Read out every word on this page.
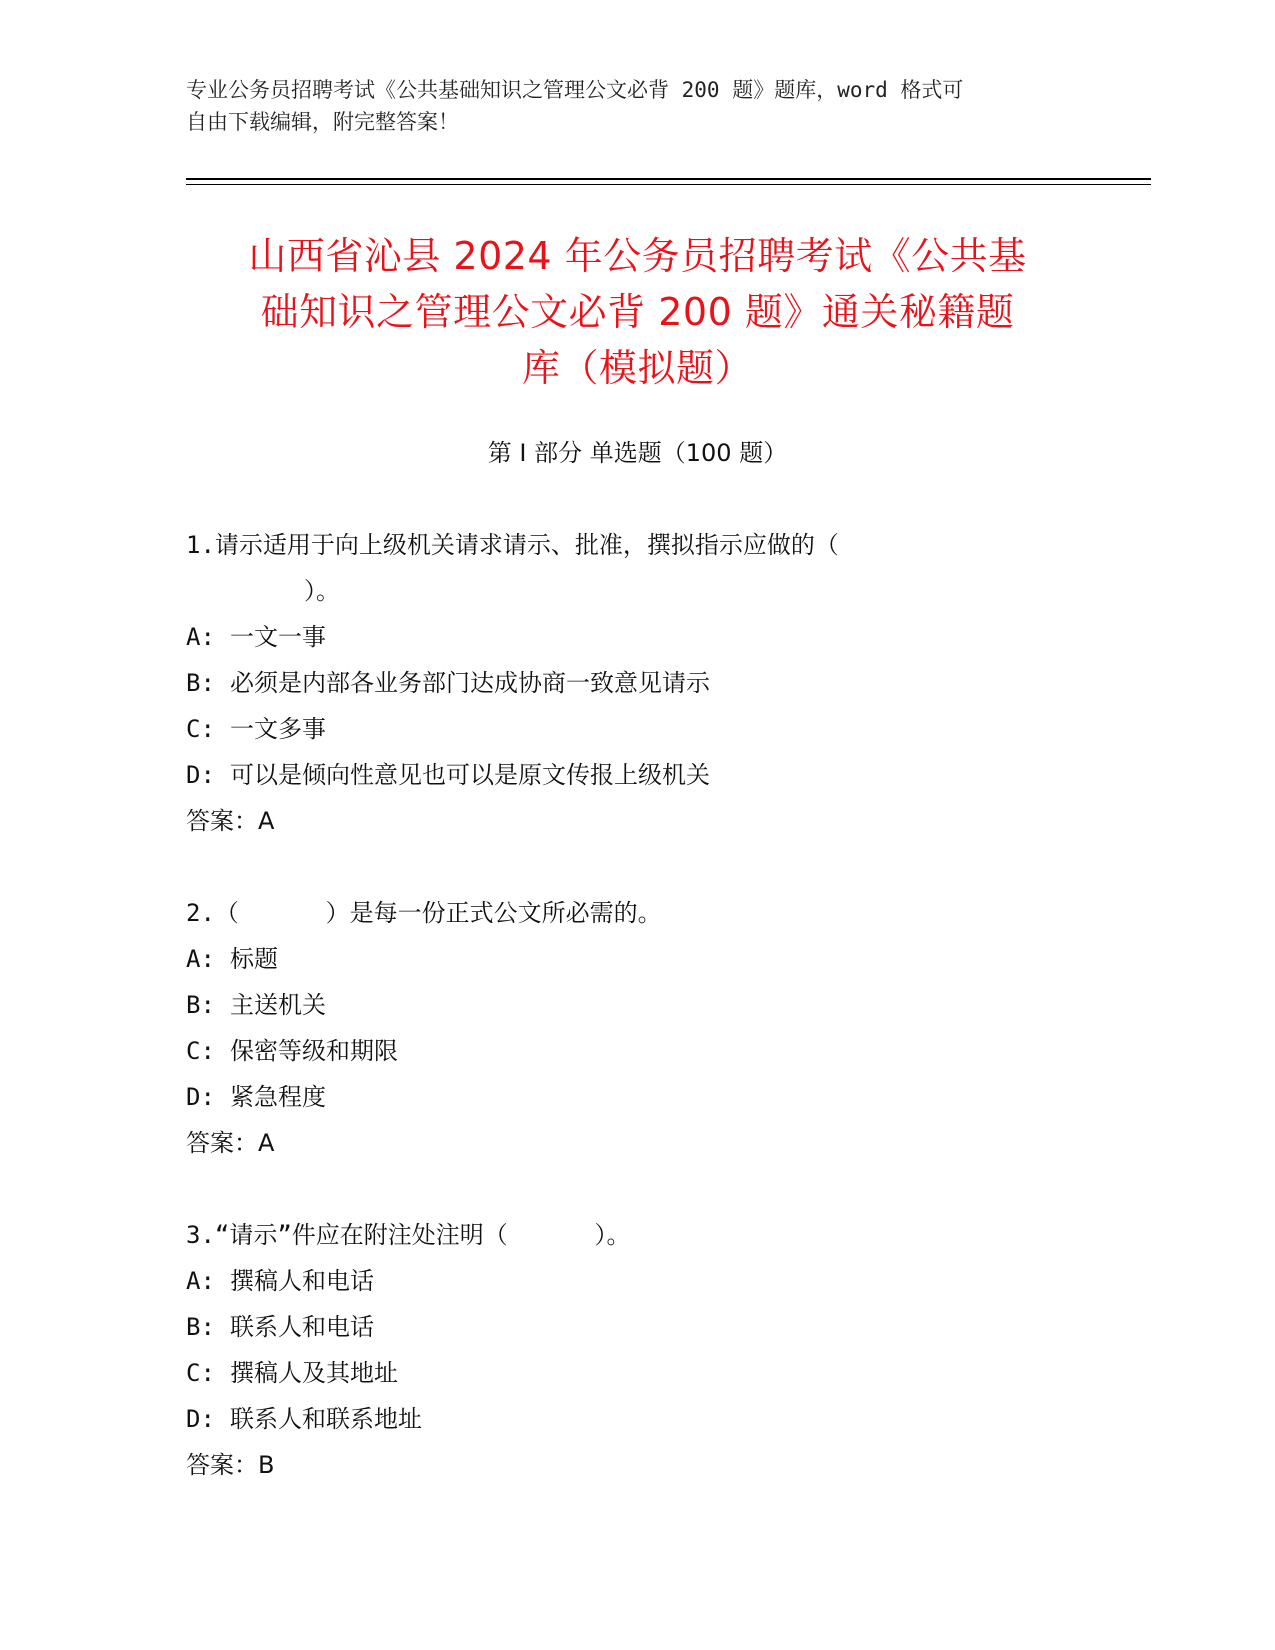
专业公务员招聘考试《公共基础知识之管理公文必背 200 题》题库，word 格式可
自由下载编辑，附完整答案！
山西省沁县 2024 年公务员招聘考试《公共基
础知识之管理公文必背 200 题》通关秘籍题
库（模拟题）
第 I 部分 单选题（100 题）
1.请示适用于向上级机关请求请示、批准，撰拟指示应做的（
）。
A: 一文一事
B: 必须是内部各业务部门达成协商一致意见请示
C: 一文多事
D: 可以是倾向性意见也可以是原文传报上级机关
答案：A
2.（      ）是每一份正式公文所必需的。
A: 标题
B: 主送机关
C: 保密等级和期限
D: 紧急程度
答案：A
3.“请示”件应在附注处注明（      ）。
A: 撰稿人和电话
B: 联系人和电话
C: 撰稿人及其地址
D: 联系人和联系地址
答案：B
